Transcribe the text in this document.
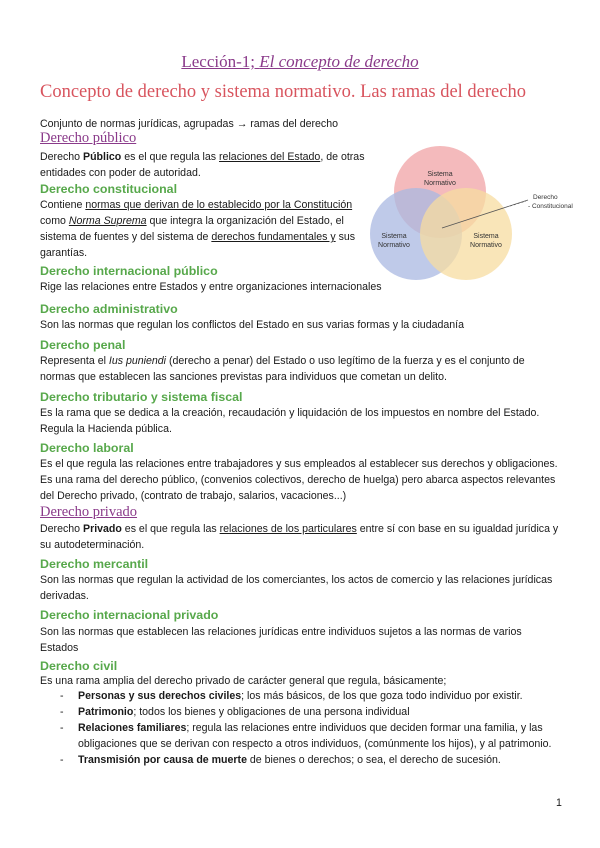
Lección-1; El concepto de derecho
Concepto de derecho y sistema normativo. Las ramas del derecho
Conjunto de normas jurídicas, agrupadas → ramas del derecho
Derecho público
Derecho Público es el que regula las relaciones del Estado, de otras entidades con poder de autoridad.
Derecho constitucional
Contiene normas que derivan de lo establecido por la Constitución como Norma Suprema que integra la organización del Estado, el sistema de fuentes y del sistema de derechos fundamentales y sus garantías.
Sistema
Normativo
Sistema
Normativo
Sistema
Normativo
Derecho
- Constitucional
Derecho internacional público
Rige las relaciones entre Estados y entre organizaciones internacionales
Derecho administrativo
Son las normas que regulan los conflictos del Estado en sus varias formas y la ciudadanía
Derecho penal
Representa el Ius puniendi (derecho a penar) del Estado o uso legítimo de la fuerza y es el conjunto de normas que establecen las sanciones previstas para individuos que cometan un delito.
Derecho tributario y sistema fiscal
Es la rama que se dedica a la creación, recaudación y liquidación de los impuestos en nombre del Estado. Regula la Hacienda pública.
Derecho laboral
Es el que regula las relaciones entre trabajadores y sus empleados al establecer sus derechos y obligaciones. Es una rama del derecho público, (convenios colectivos, derecho de huelga) pero abarca aspectos relevantes del Derecho privado, (contrato de trabajo, salarios, vacaciones...)
Derecho privado
Derecho Privado es el que regula las relaciones de los particulares entre sí con base en su igualdad jurídica y su autodeterminación.
Derecho mercantil
Son las normas que regulan la actividad de los comerciantes, los actos de comercio y las relaciones jurídicas derivadas.
Derecho internacional privado
Son las normas que establecen las relaciones jurídicas entre individuos sujetos a las normas de varios Estados
Derecho civil
Es una rama amplia del derecho privado de carácter general que regula, básicamente;
- Personas y sus derechos civiles; los más básicos, de los que goza todo individuo por existir.
- Patrimonio; todos los bienes y obligaciones de una persona individual
- Relaciones familiares; regula las relaciones entre individuos que deciden formar una familia, y las obligaciones que se derivan con respecto a otros individuos, (comúnmente los hijos), y al patrimonio.
- Transmisión por causa de muerte de bienes o derechos; o sea, el derecho de sucesión.
1
